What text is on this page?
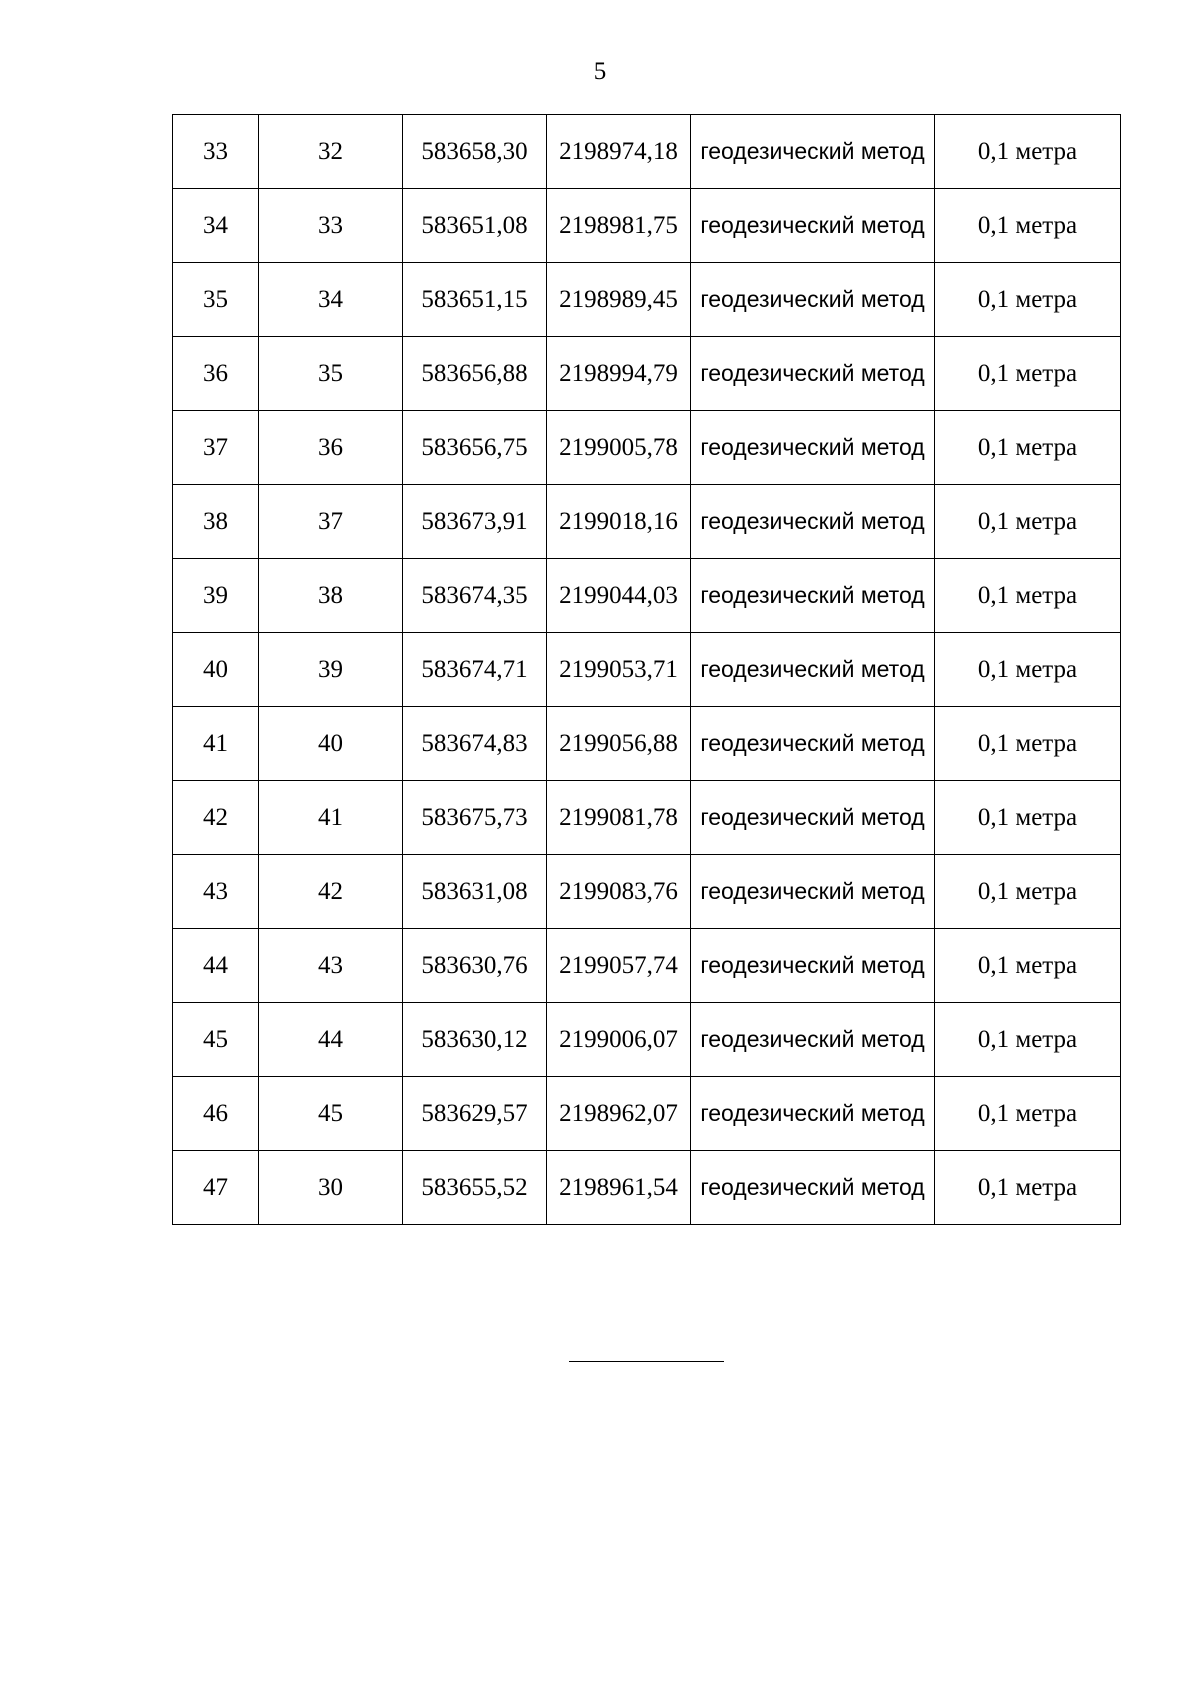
5
33	32	583658,30	2198974,18	геодезический метод	0,1 метра
34	33	583651,08	2198981,75	геодезический метод	0,1 метра
35	34	583651,15	2198989,45	геодезический метод	0,1 метра
36	35	583656,88	2198994,79	геодезический метод	0,1 метра
37	36	583656,75	2199005,78	геодезический метод	0,1 метра
38	37	583673,91	2199018,16	геодезический метод	0,1 метра
39	38	583674,35	2199044,03	геодезический метод	0,1 метра
40	39	583674,71	2199053,71	геодезический метод	0,1 метра
41	40	583674,83	2199056,88	геодезический метод	0,1 метра
42	41	583675,73	2199081,78	геодезический метод	0,1 метра
43	42	583631,08	2199083,76	геодезический метод	0,1 метра
44	43	583630,76	2199057,74	геодезический метод	0,1 метра
45	44	583630,12	2199006,07	геодезический метод	0,1 метра
46	45	583629,57	2198962,07	геодезический метод	0,1 метра
47	30	583655,52	2198961,54	геодезический метод	0,1 метра
